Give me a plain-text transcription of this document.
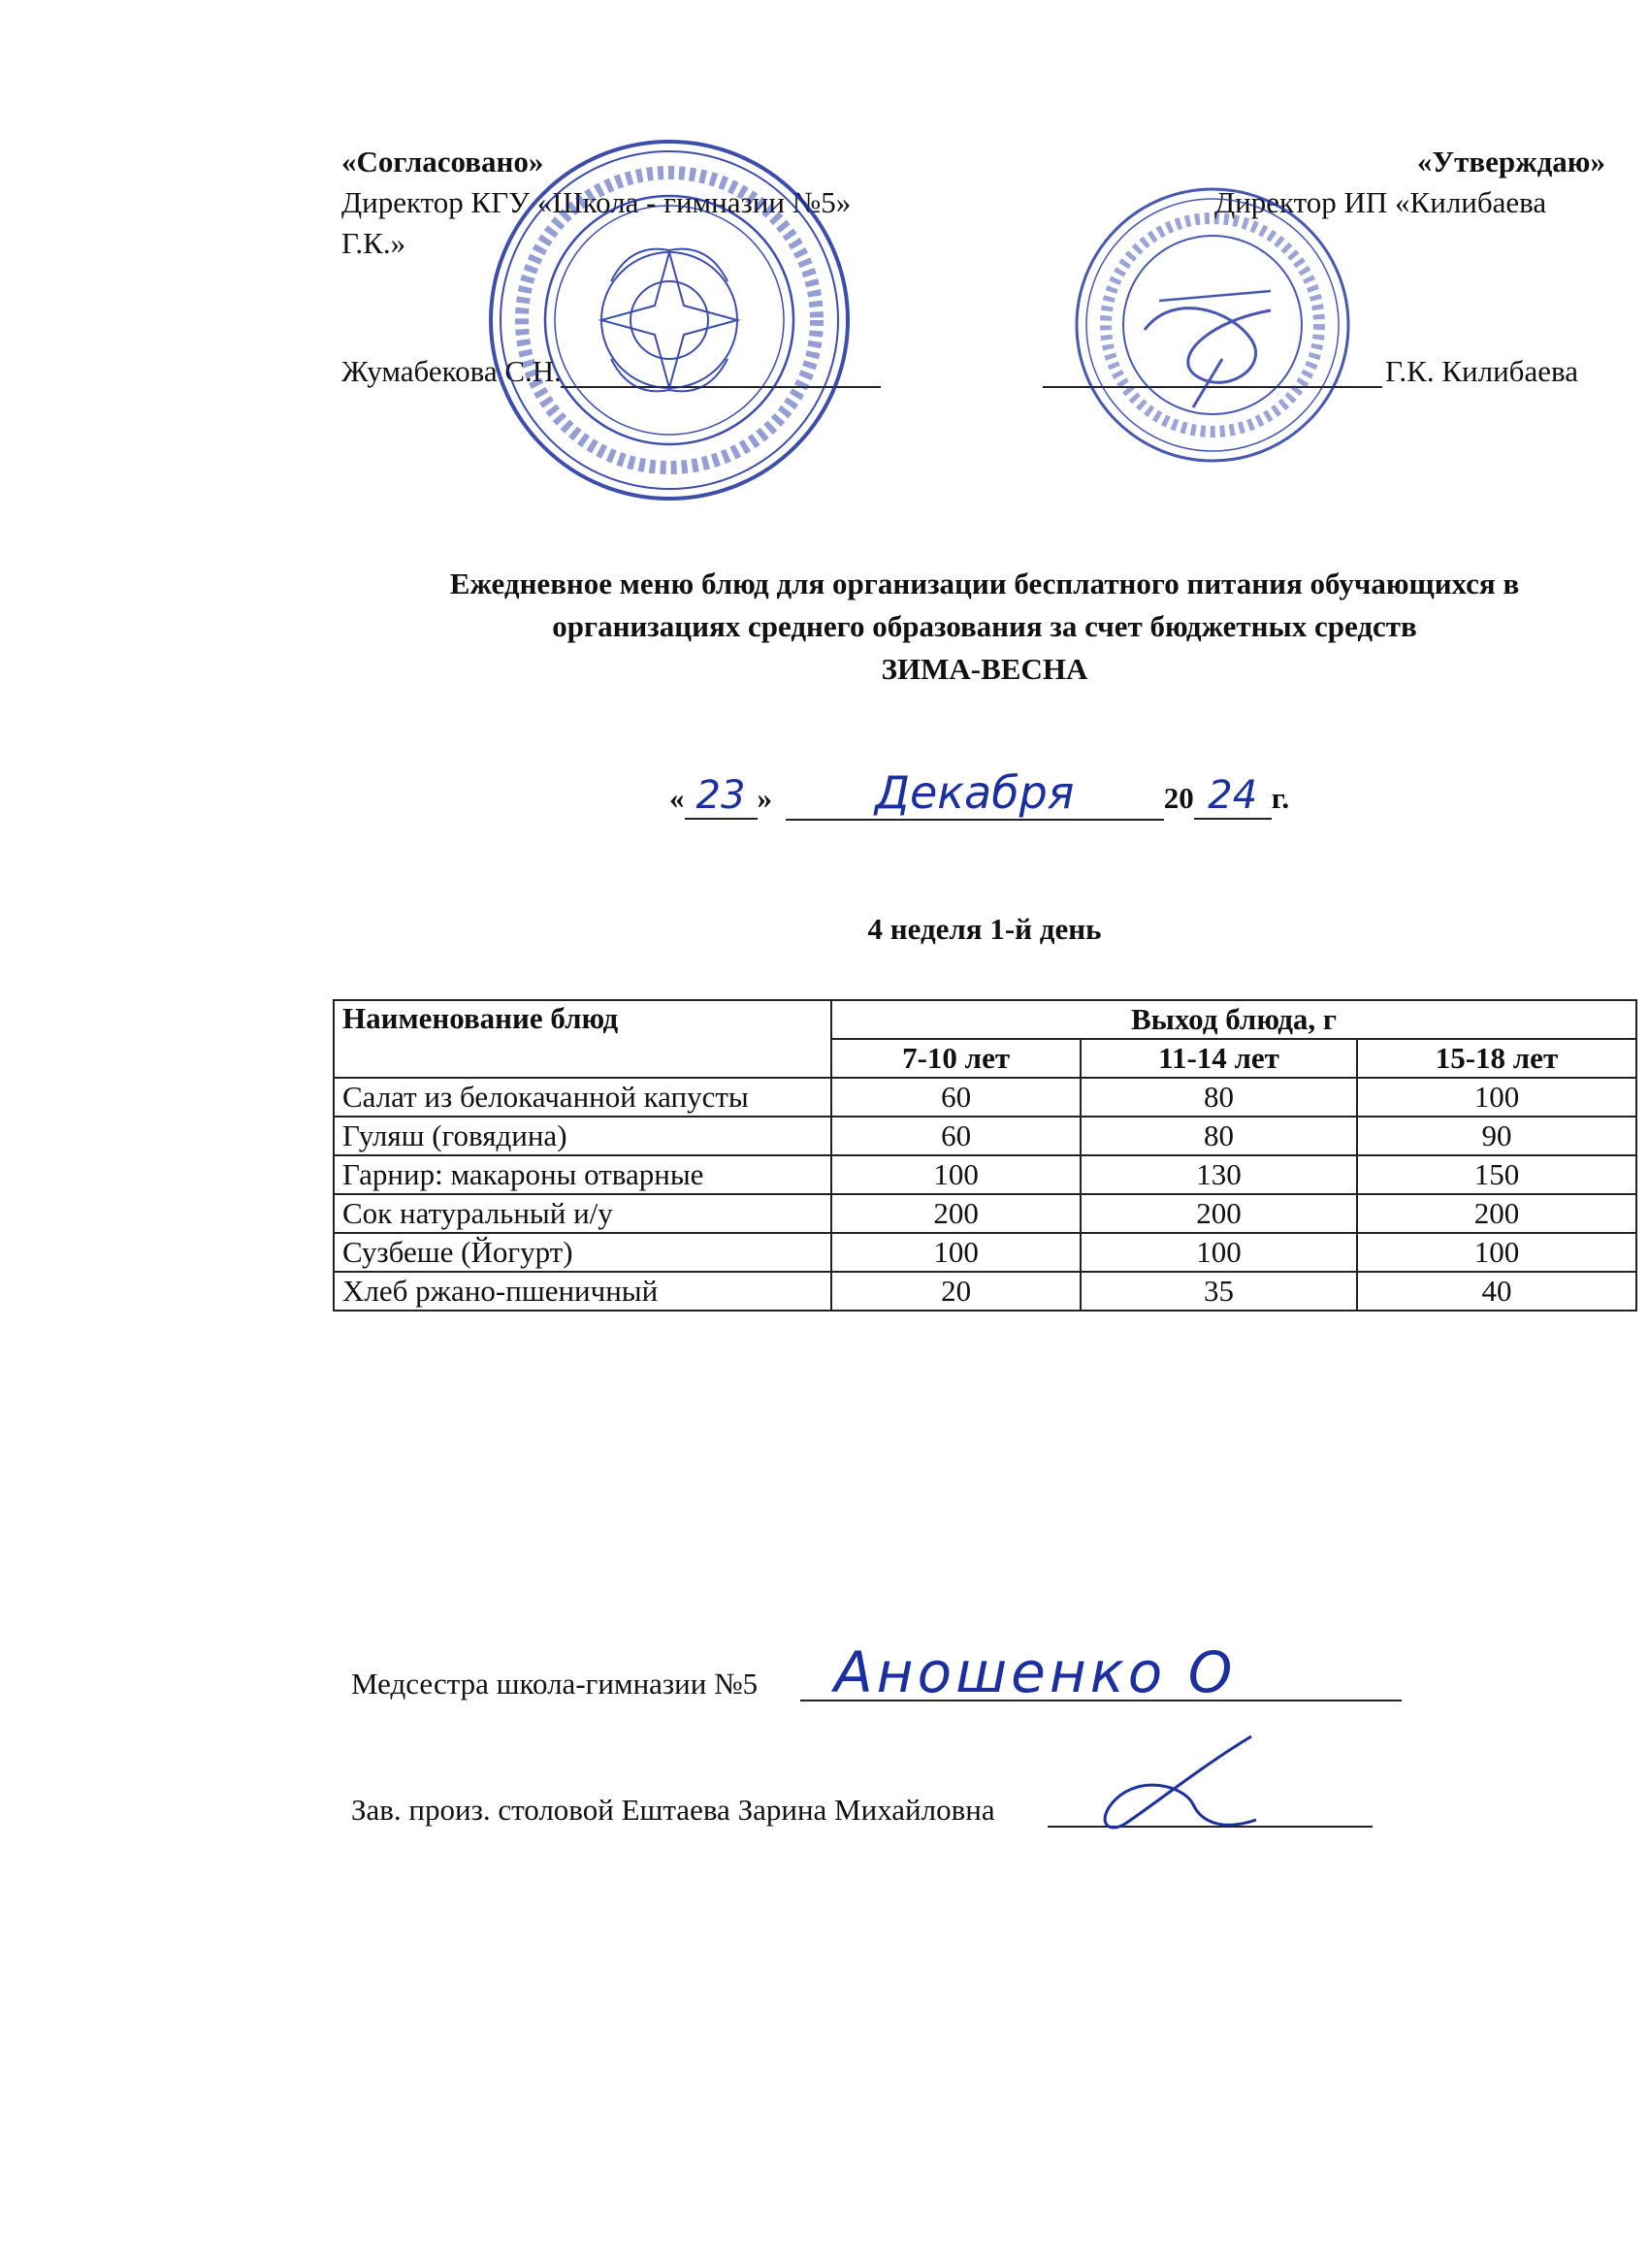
«Согласовано»
Директор КГУ «Школа - гимназии №5»
Г.К.»
Жумабекова С.Н.
«Утверждаю»
Директор ИП «Килибаева
Г.К. Килибаева
Ежедневное меню блюд для организации бесплатного питания обучающихся в
организациях среднего образования за счет бюджетных средств
ЗИМА-ВЕСНА
« 23 » Декабря	20 24 г.
4 неделя 1-й день
Наименование блюд	Выход блюда, г		
	7-10 лет	11-14 лет	15-18 лет
Салат из белокачанной капусты	60	80	100
Гуляш (говядина)	60	80	90
Гарнир: макароны отварные	100	130	150
Сок натуральный и/у	200	200	200
Сузбеше (Йогурт)	100	100	100
Хлеб ржано-пшеничный	20	35	40
Медсестра школа-гимназии №5 Аношенко О
Зав. произ. столовой Ештаева Зарина Михайловна
